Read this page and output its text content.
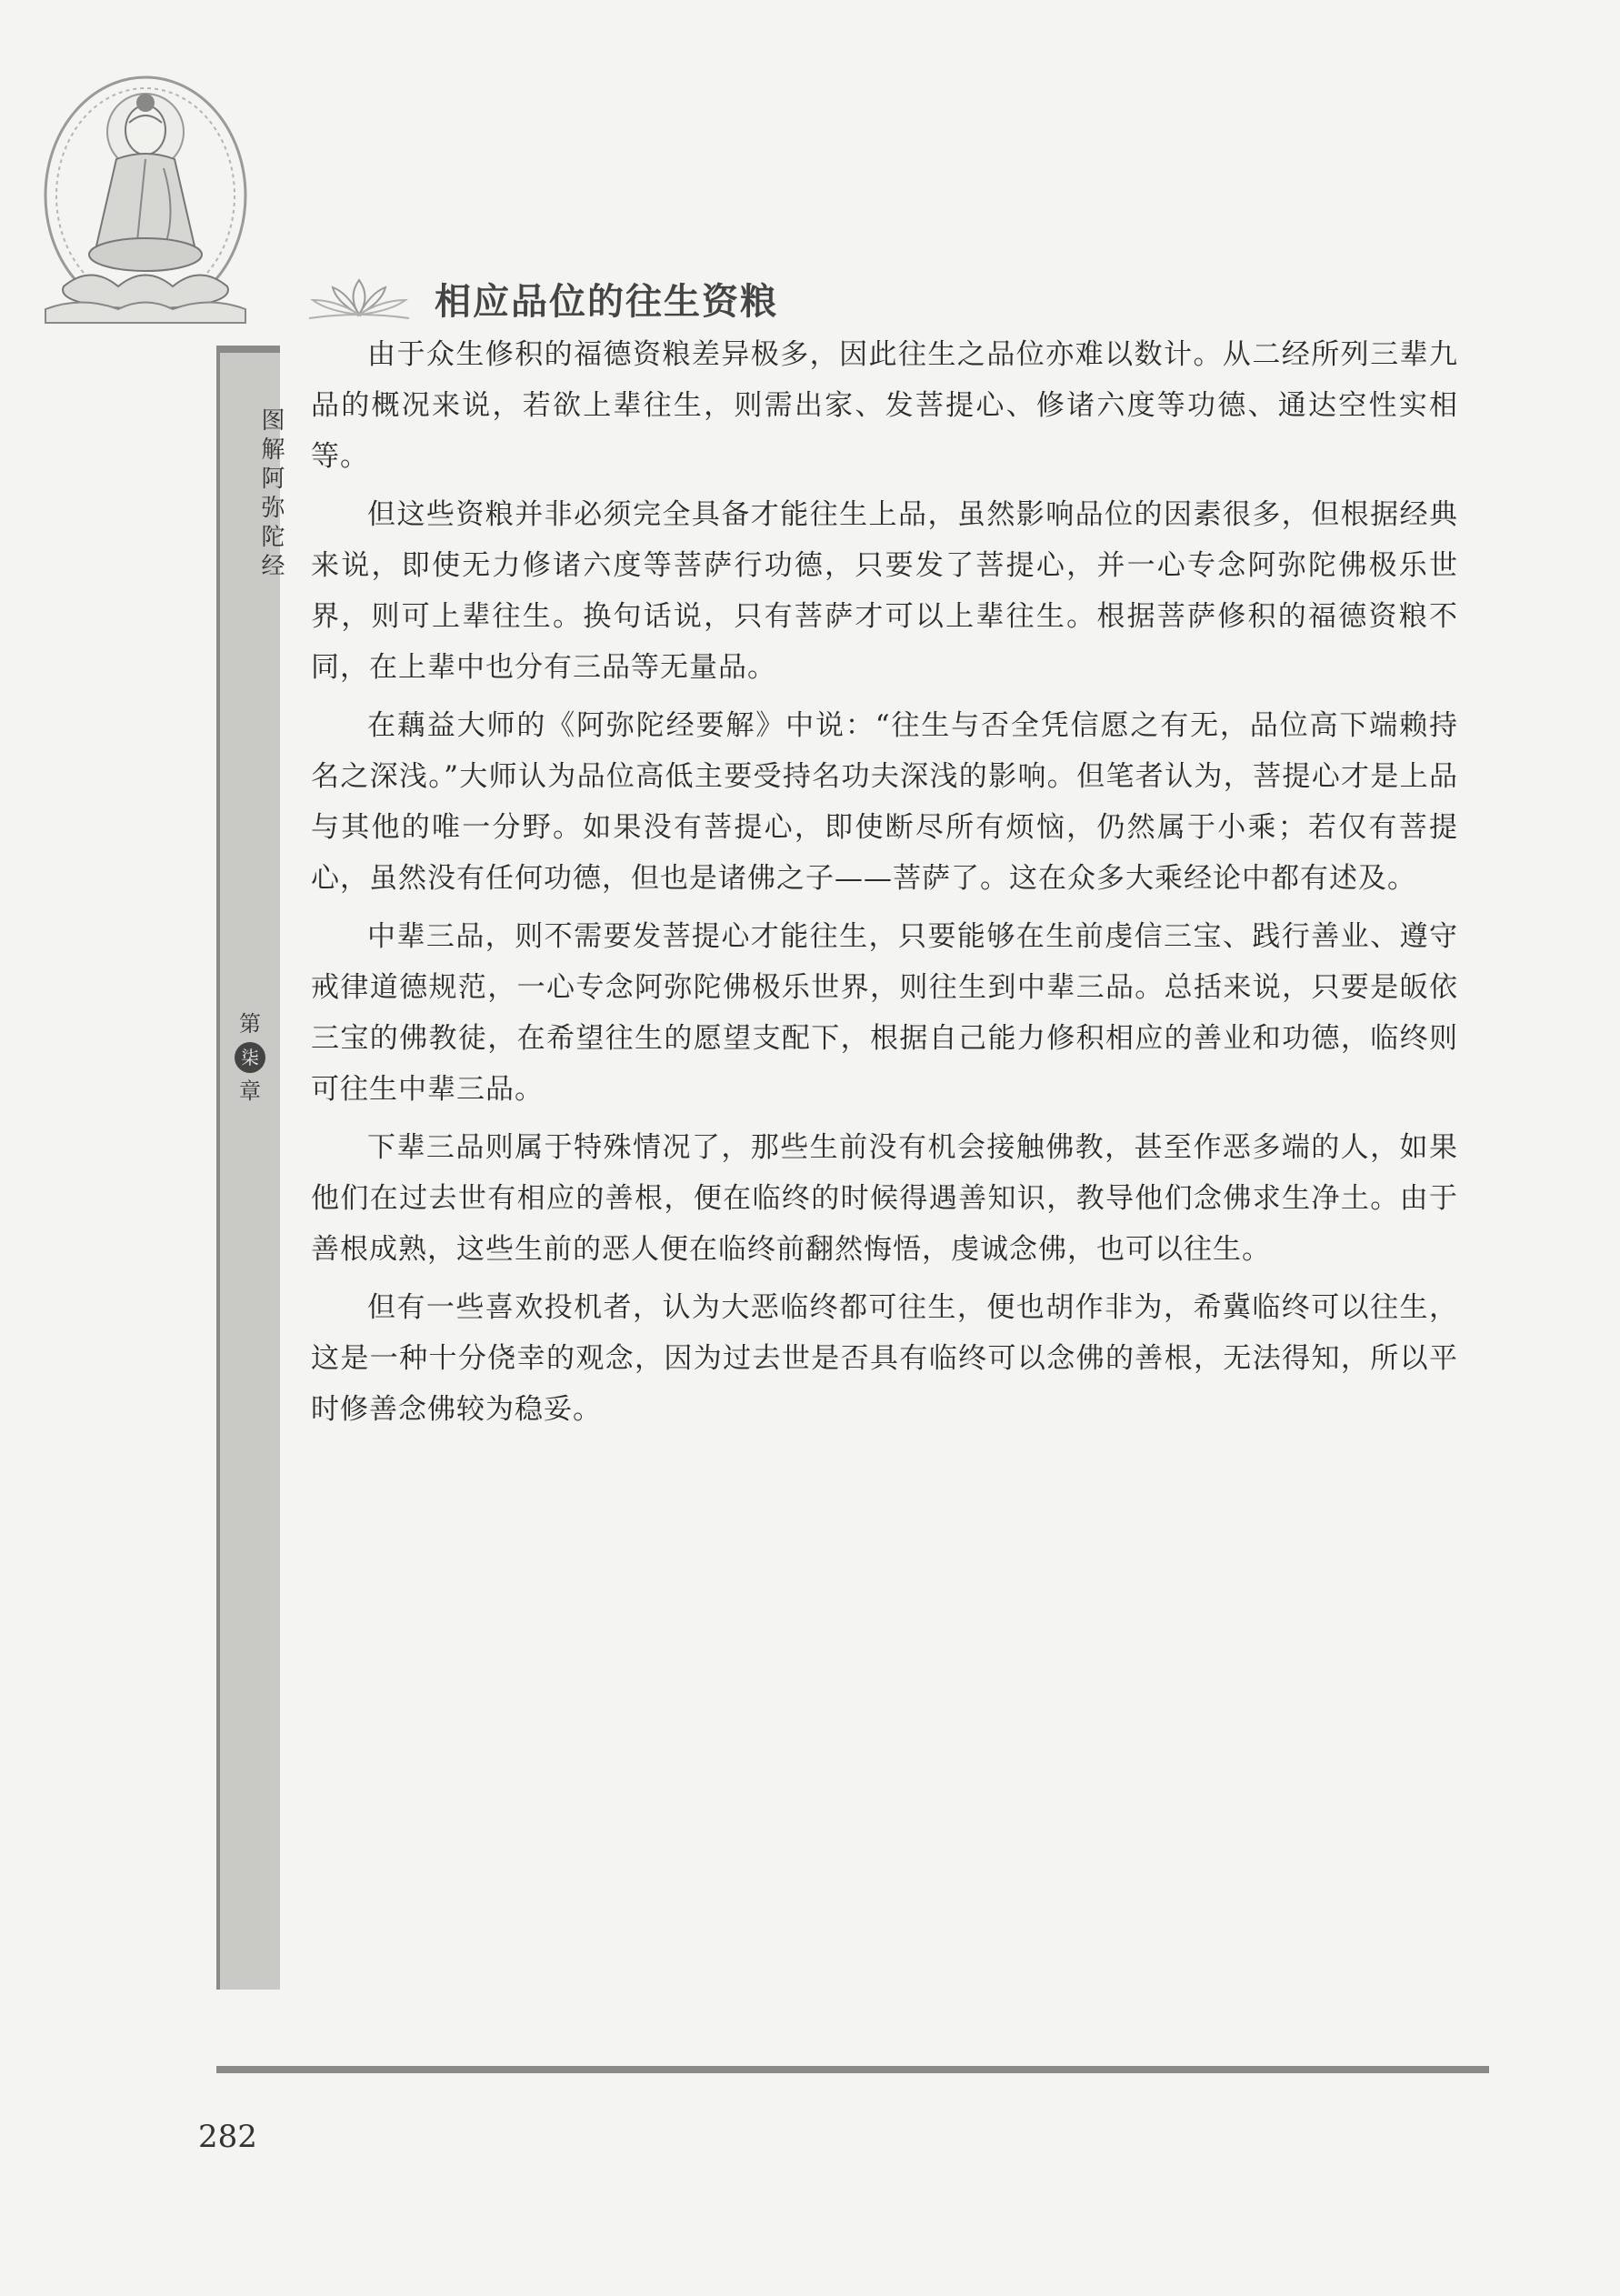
图解阿弥陀经
第
柒
章
相应品位的往生资粮

由于众生修积的福德资粮差异极多，因此往生之品位亦难以数计。从二经所列三辈九品的概况来说，若欲上辈往生，则需出家、发菩提心、修诸六度等功德、通达空性实相等。

但这些资粮并非必须完全具备才能往生上品，虽然影响品位的因素很多，但根据经典来说，即使无力修诸六度等菩萨行功德，只要发了菩提心，并一心专念阿弥陀佛极乐世界，则可上辈往生。换句话说，只有菩萨才可以上辈往生。根据菩萨修积的福德资粮不同，在上辈中也分有三品等无量品。

在藕益大师的《阿弥陀经要解》中说：“往生与否全凭信愿之有无，品位高下端赖持名之深浅。”大师认为品位高低主要受持名功夫深浅的影响。但笔者认为，菩提心才是上品与其他的唯一分野。如果没有菩提心，即使断尽所有烦恼，仍然属于小乘；若仅有菩提心，虽然没有任何功德，但也是诸佛之子——菩萨了。这在众多大乘经论中都有述及。

中辈三品，则不需要发菩提心才能往生，只要能够在生前虔信三宝、践行善业、遵守戒律道德规范，一心专念阿弥陀佛极乐世界，则往生到中辈三品。总括来说，只要是皈依三宝的佛教徒，在希望往生的愿望支配下，根据自己能力修积相应的善业和功德，临终则可往生中辈三品。

下辈三品则属于特殊情况了，那些生前没有机会接触佛教，甚至作恶多端的人，如果他们在过去世有相应的善根，便在临终的时候得遇善知识，教导他们念佛求生净土。由于善根成熟，这些生前的恶人便在临终前翻然悔悟，虔诚念佛，也可以往生。

但有一些喜欢投机者，认为大恶临终都可往生，便也胡作非为，希冀临终可以往生，这是一种十分侥幸的观念，因为过去世是否具有临终可以念佛的善根，无法得知，所以平时修善念佛较为稳妥。

282
